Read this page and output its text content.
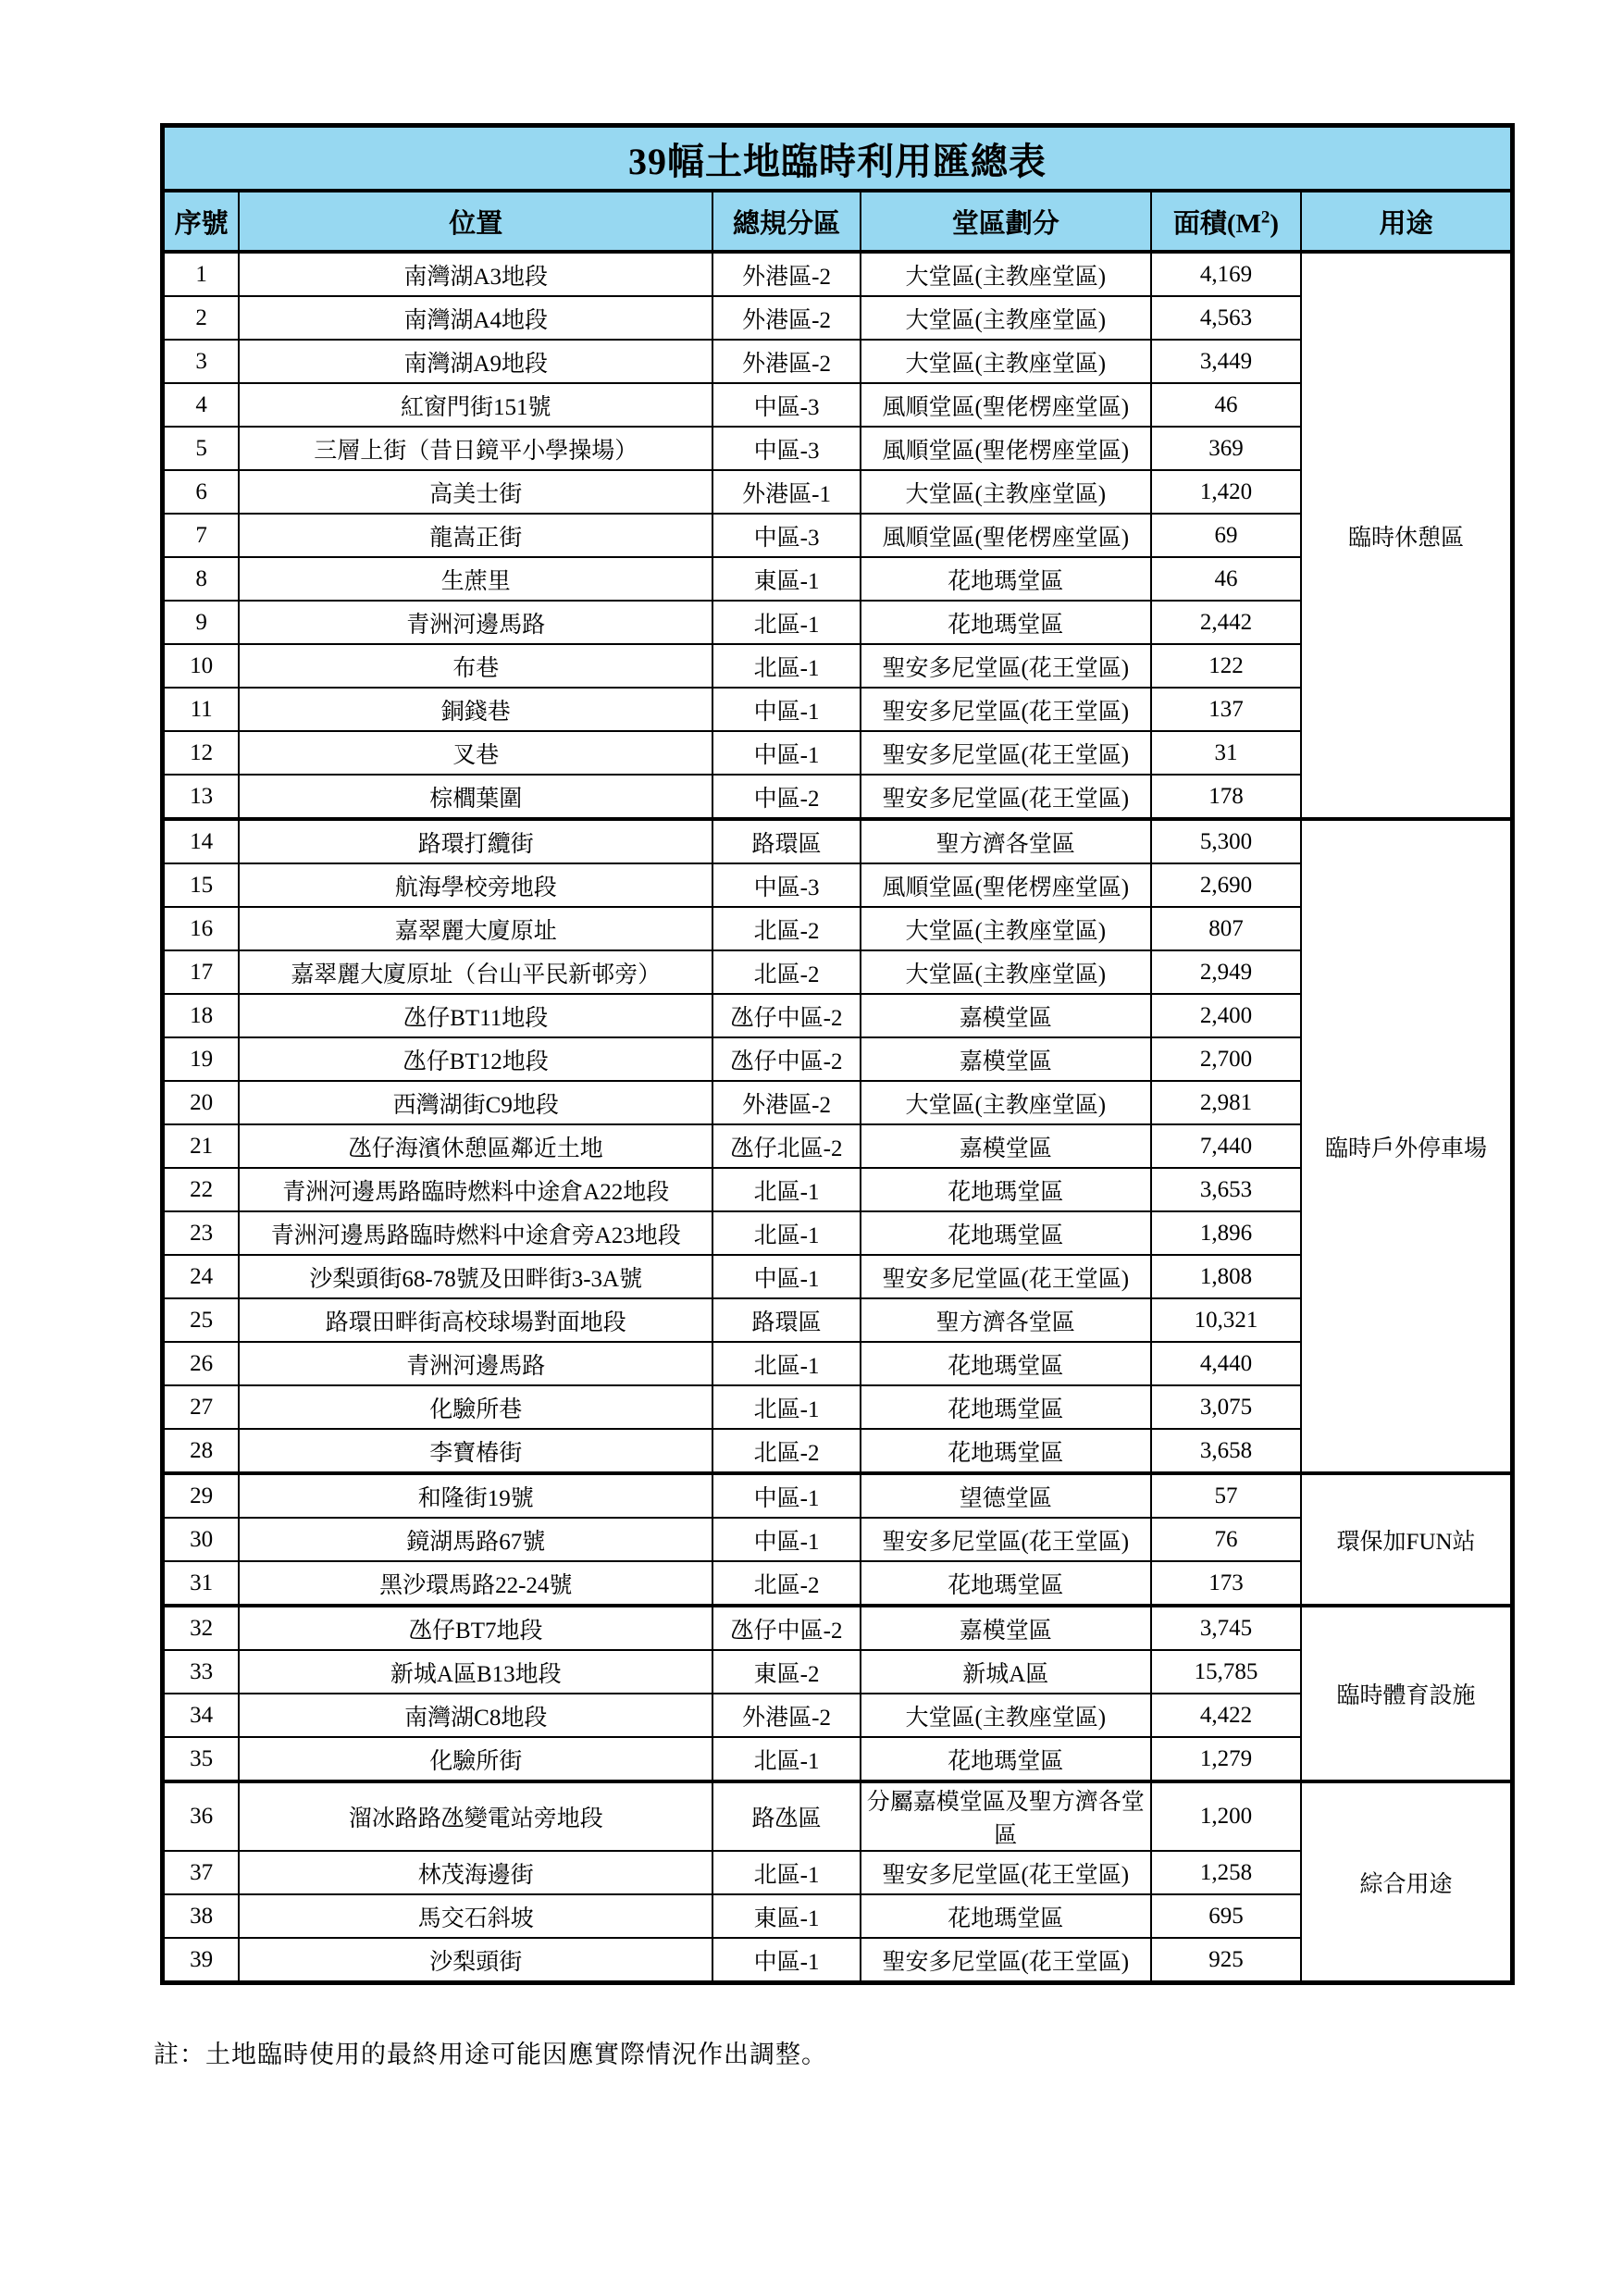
39幅土地臨時利用匯總表					
序號	位置	總規分區	堂區劃分	面積$(M^2)$	用途
1	南灣湖A3地段	外港區-2	大堂區(主教座堂區)	4,169	臨時休憩區
2	南灣湖A4地段	外港區-2	大堂區(主教座堂區)	4,563	
3	南灣湖A9地段	外港區-2	大堂區(主教座堂區)	3,449	
4	紅窗門街151號	中區-3	風順堂區(聖佬楞座堂區)	46	
5	三層上街（昔日鏡平小學操場）	中區-3	風順堂區(聖佬楞座堂區)	369	
6	高美士街	外港區-1	大堂區(主教座堂區)	1,420	
7	龍嵩正街	中區-3	風順堂區(聖佬楞座堂區)	69	
8	生蔗里	東區-1	花地瑪堂區	46	
9	青洲河邊馬路	北區-1	花地瑪堂區	2,442	
10	布巷	北區-1	聖安多尼堂區(花王堂區)	122	
11	銅錢巷	中區-1	聖安多尼堂區(花王堂區)	137	
12	叉巷	中區-1	聖安多尼堂區(花王堂區)	31	
13	棕櫚葉圍	中區-2	聖安多尼堂區(花王堂區)	178	
14	路環打纜街	路環區	聖方濟各堂區	5,300	臨時戶外停車場
15	航海學校旁地段	中區-3	風順堂區(聖佬楞座堂區)	2,690	
16	嘉翠麗大廈原址	北區-2	大堂區(主教座堂區)	807	
17	嘉翠麗大廈原址（台山平民新邨旁）	北區-2	大堂區(主教座堂區)	2,949	
18	氹仔BT11地段	氹仔中區-2	嘉模堂區	2,400	
19	氹仔BT12地段	氹仔中區-2	嘉模堂區	2,700	
20	西灣湖街C9地段	外港區-2	大堂區(主教座堂區)	2,981	
21	氹仔海濱休憩區鄰近土地	氹仔北區-2	嘉模堂區	7,440	
22	青洲河邊馬路臨時燃料中途倉A22地段	北區-1	花地瑪堂區	3,653	
23	青洲河邊馬路臨時燃料中途倉旁A23地段	北區-1	花地瑪堂區	1,896	
24	沙梨頭街68-78號及田畔街3-3A號	中區-1	聖安多尼堂區(花王堂區)	1,808	
25	路環田畔街高校球場對面地段	路環區	聖方濟各堂區	10,321	
26	青洲河邊馬路	北區-1	花地瑪堂區	4,440	
27	化驗所巷	北區-1	花地瑪堂區	3,075	
28	李寶椿街	北區-2	花地瑪堂區	3,658	
29	和隆街19號	中區-1	望德堂區	57	環保加FUN站
30	鏡湖馬路67號	中區-1	聖安多尼堂區(花王堂區)	76	
31	黑沙環馬路22-24號	北區-2	花地瑪堂區	173	
32	氹仔BT7地段	氹仔中區-2	嘉模堂區	3,745	臨時體育設施
33	新城A區B13地段	東區-2	新城A區	15,785	
34	南灣湖C8地段	外港區-2	大堂區(主教座堂區)	4,422	
35	化驗所街	北區-1	花地瑪堂區	1,279	
36	溜冰路路氹變電站旁地段	路氹區	分屬嘉模堂區及聖方濟各堂區	1,200	綜合用途
37	林茂海邊街	北區-1	聖安多尼堂區(花王堂區)	1,258	
38	馬交石斜坡	東區-1	花地瑪堂區	695	
39	沙梨頭街	中區-1	聖安多尼堂區(花王堂區)	925	

註：土地臨時使用的最終用途可能因應實際情況作出調整。
